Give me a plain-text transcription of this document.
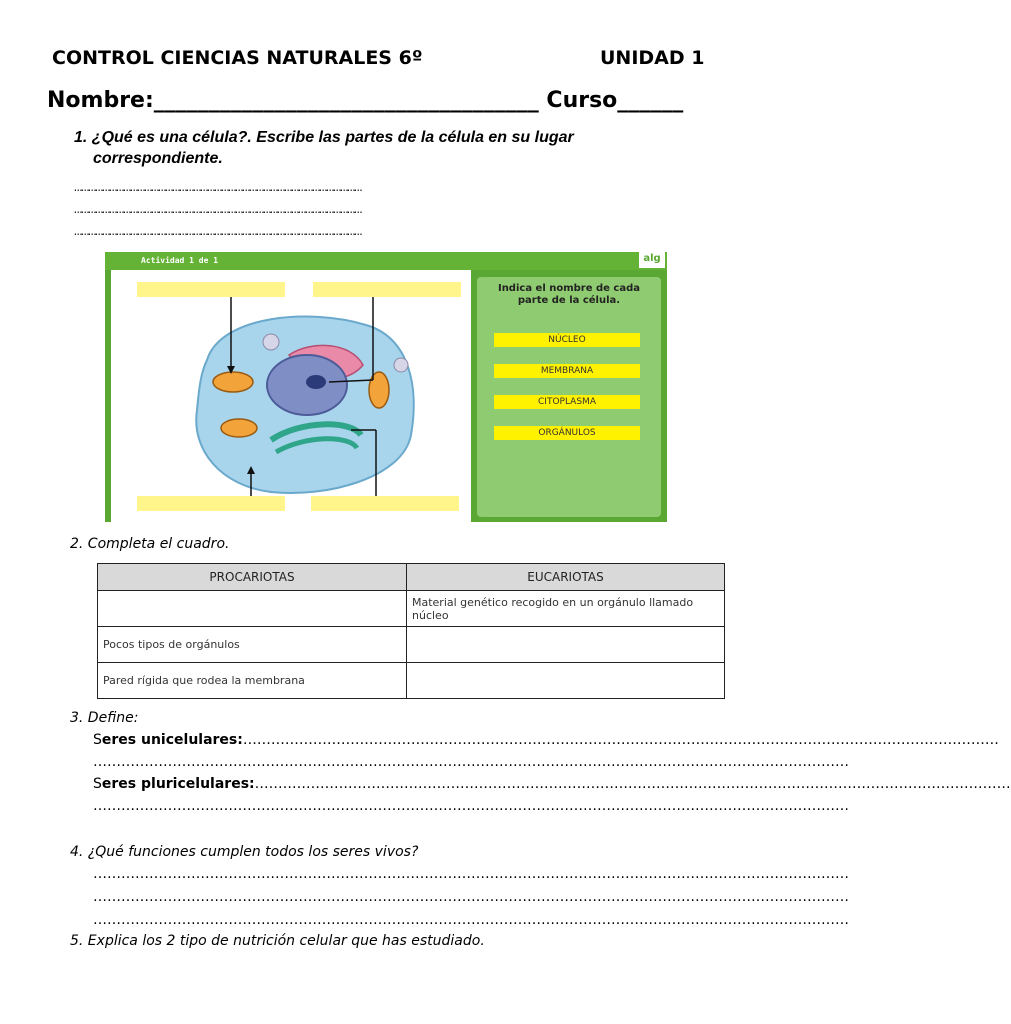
CONTROL CIENCIAS NATURALES 6º	UNIDAD 1
Nombre:___________________________________ Curso______
1. ¿Qué es una célula?. Escribe las partes de la célula en su lugar
correspondiente.
……………………………………………………………………………………………………………
……………………………………………………………………………………………………………
……………………………………………………………………………………………………………
Actividad 1 de 1	alg
Indica el nombre de cada parte de la célula.
NÚCLEO
MEMBRANA
CITOPLASMA
ORGÁNULOS
2. Completa el cuadro.
PROCARIOTAS	EUCARIOTAS
	Material genético recogido en un orgánulo llamado núcleo
Pocos tipos de orgánulos	
Pared rígida que rodea la membrana	
3. Define:
Seres unicelulares:………………………………………………………………………………………………………………………………………………
………………………………………………………………………………………………………………………………………………
Seres pluricelulares:………………………………………………………………………………………………………………………………………………
………………………………………………………………………………………………………………………………………………
4. ¿Qué funciones cumplen todos los seres vivos?
………………………………………………………………………………………………………………………………………………
………………………………………………………………………………………………………………………………………………
………………………………………………………………………………………………………………………………………………
5. Explica los 2 tipo de nutrición celular que has estudiado.
